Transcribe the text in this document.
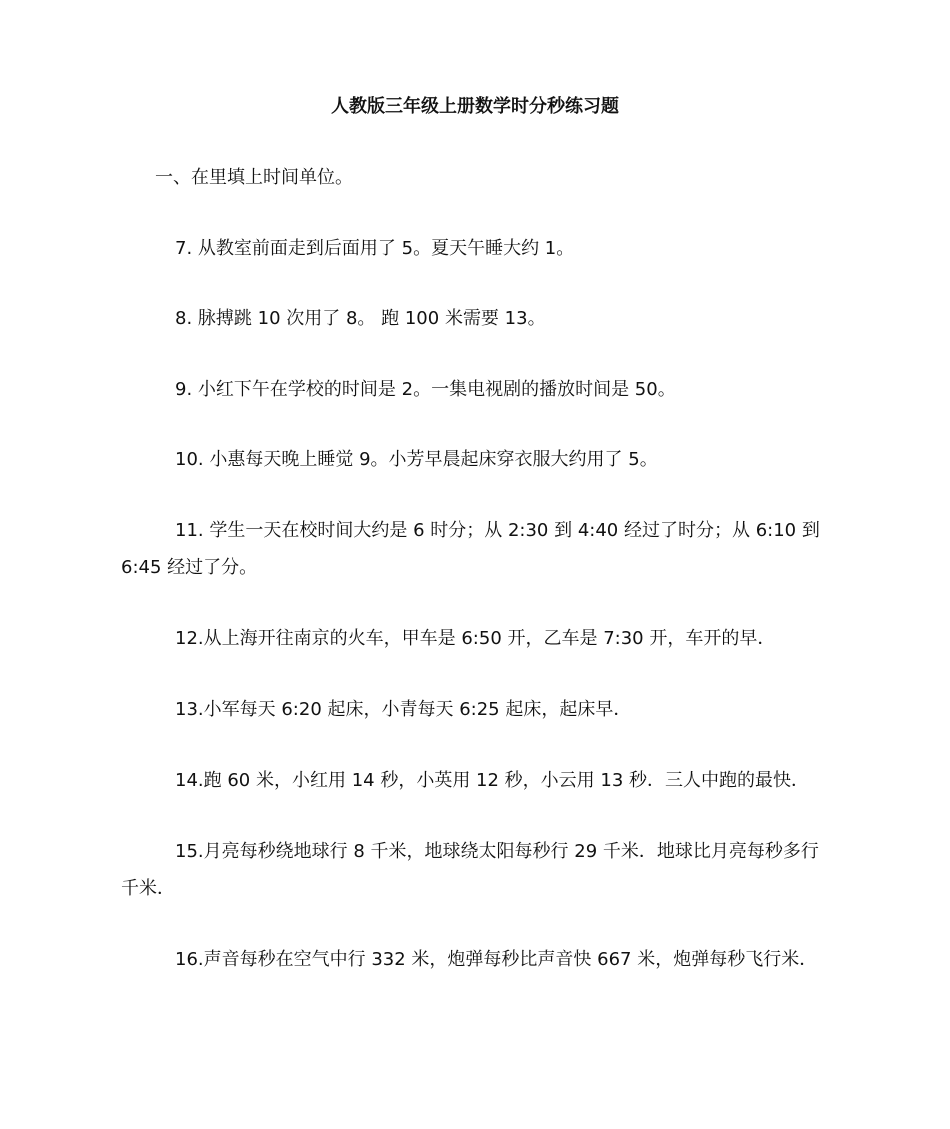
人教版三年级上册数学时分秒练习题
一、在里填上时间单位。
7. 从教室前面走到后面用了 5。夏天午睡大约 1。
8. 脉搏跳 10 次用了 8。 跑 100 米需要 13。
9. 小红下午在学校的时间是 2。一集电视剧的播放时间是 50。
10. 小惠每天晚上睡觉 9。小芳早晨起床穿衣服大约用了 5。
11. 学生一天在校时间大约是 6 时分；从 2:30 到 4:40 经过了时分；从 6:10 到 6:45 经过了分。
12.从上海开往南京的火车，甲车是 6:50 开，乙车是 7:30 开，车开的早．
13.小军每天 6:20 起床，小青每天 6:25 起床，起床早．
14.跑 60 米，小红用 14 秒，小英用 12 秒，小云用 13 秒．三人中跑的最快．
15.月亮每秒绕地球行 8 千米，地球绕太阳每秒行 29 千米．地球比月亮每秒多行千米．
16.声音每秒在空气中行 332 米，炮弹每秒比声音快 667 米，炮弹每秒飞行米．
